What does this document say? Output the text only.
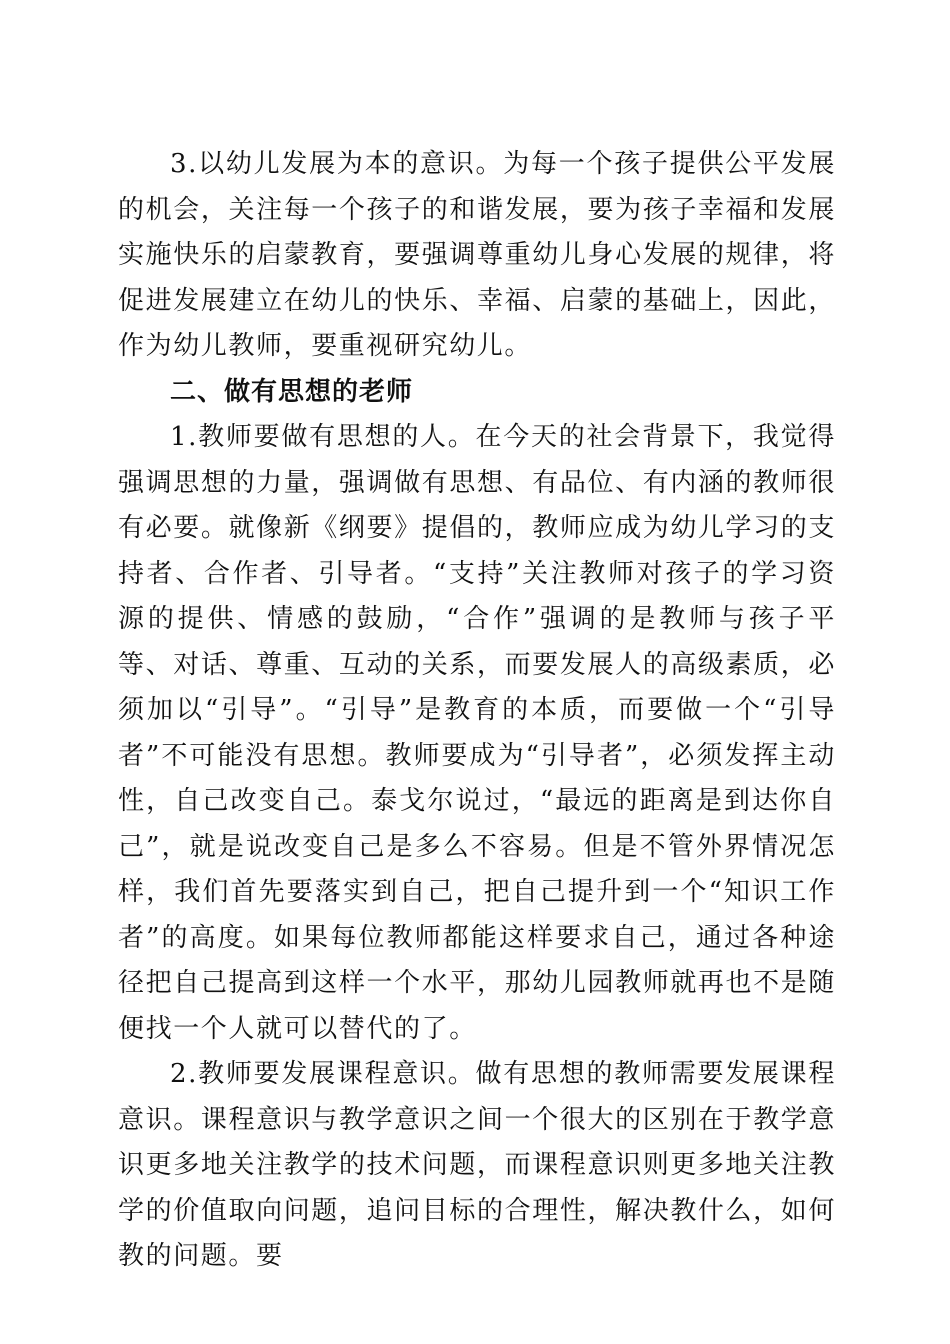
3.以幼儿发展为本的意识。为每一个孩子提供公平发展的机会，关注每一个孩子的和谐发展，要为孩子幸福和发展实施快乐的启蒙教育，要强调尊重幼儿身心发展的规律，将促进发展建立在幼儿的快乐、幸福、启蒙的基础上，因此，作为幼儿教师，要重视研究幼儿。

二、做有思想的老师

1.教师要做有思想的人。在今天的社会背景下，我觉得强调思想的力量，强调做有思想、有品位、有内涵的教师很有必要。就像新《纲要》提倡的，教师应成为幼儿学习的支持者、合作者、引导者。“支持”关注教师对孩子的学习资源的提供、情感的鼓励，“合作”强调的是教师与孩子平等、对话、尊重、互动的关系，而要发展人的高级素质，必须加以“引导”。“引导”是教育的本质，而要做一个“引导者”不可能没有思想。教师要成为“引导者”，必须发挥主动性，自己改变自己。泰戈尔说过，“最远的距离是到达你自己”，就是说改变自己是多么不容易。但是不管外界情况怎样，我们首先要落实到自己，把自己提升到一个“知识工作者”的高度。如果每位教师都能这样要求自己，通过各种途径把自己提高到这样一个水平，那幼儿园教师就再也不是随便找一个人就可以替代的了。

2.教师要发展课程意识。做有思想的教师需要发展课程意识。课程意识与教学意识之间一个很大的区别在于教学意识更多地关注教学的技术问题，而课程意识则更多地关注教学的价值取向问题，追问目标的合理性，解决教什么，如何教的问题。要
